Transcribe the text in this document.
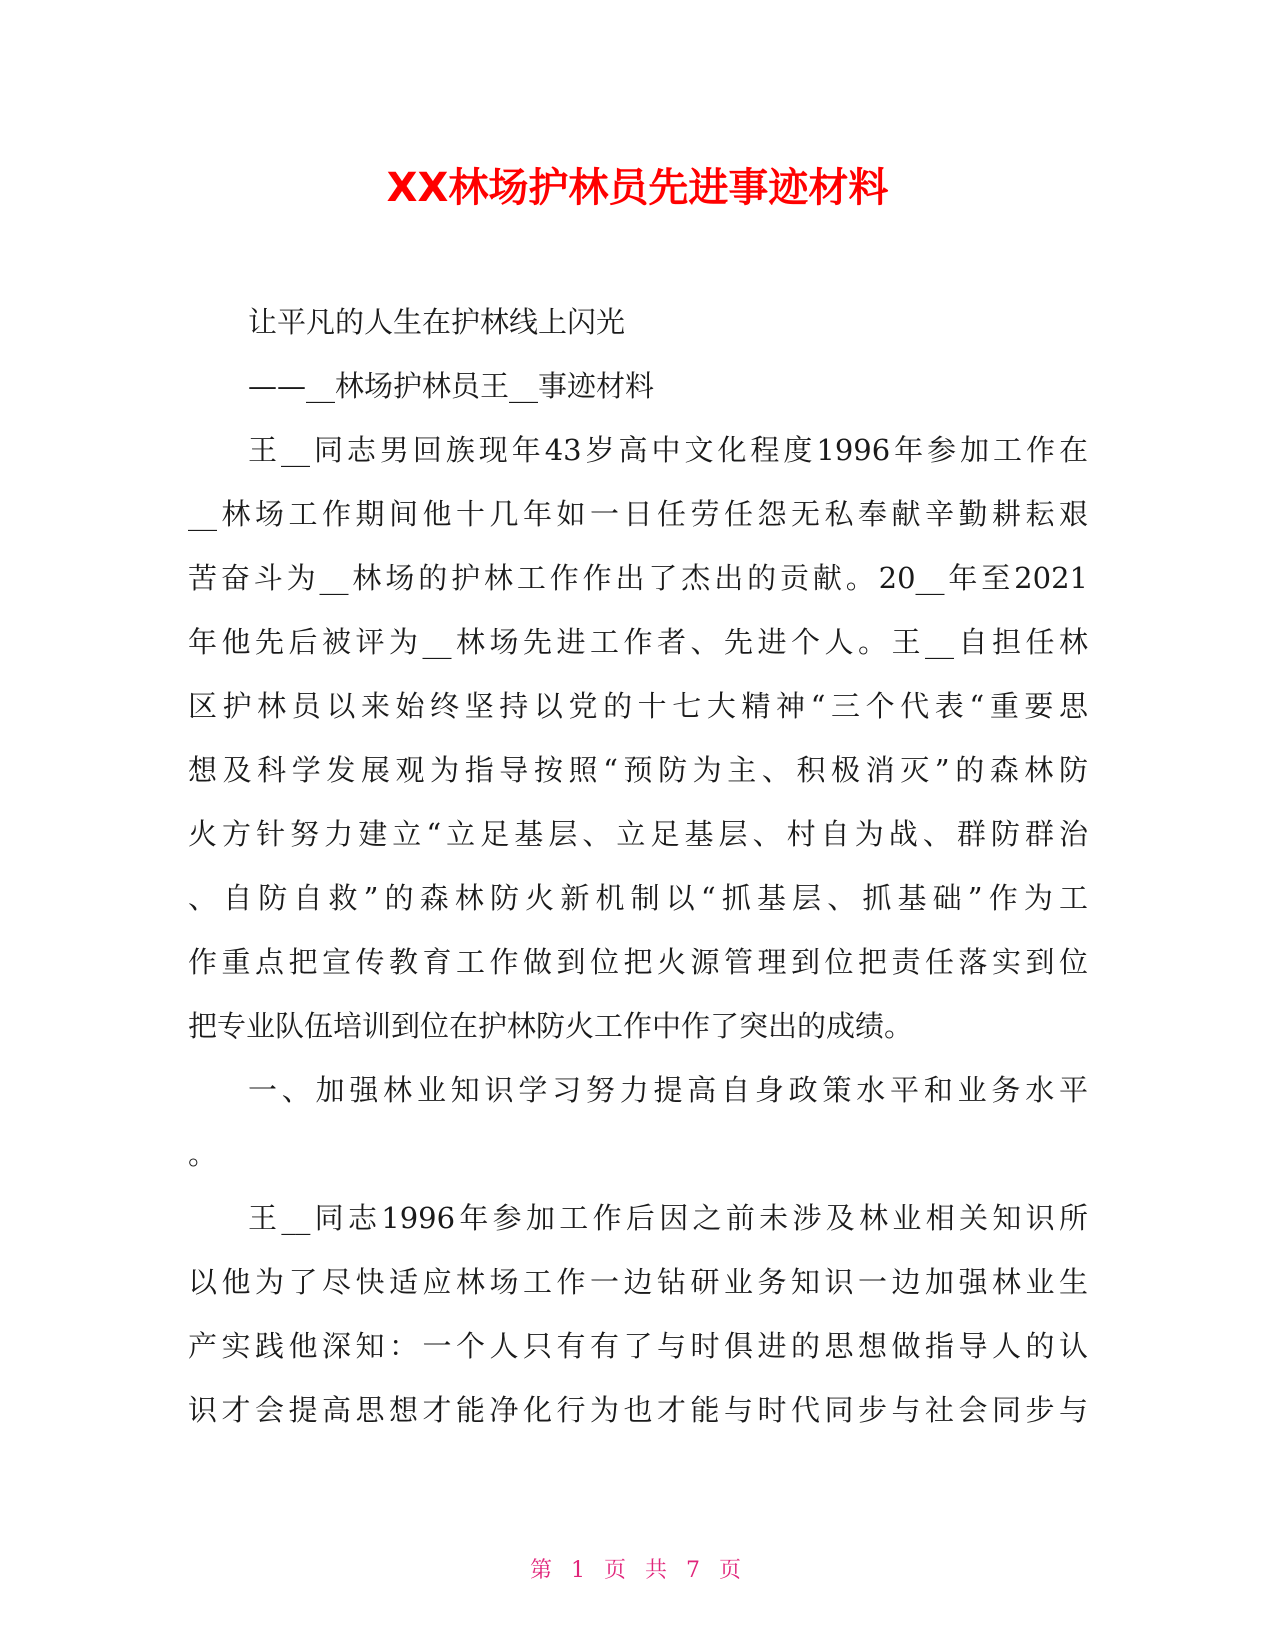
XX林场护林员先进事迹材料
让平凡的人生在护林线上闪光
——__林场护林员王__事迹材料
王__同志男回族现年43岁高中文化程度1996年参加工作在
__林场工作期间他十几年如一日任劳任怨无私奉献辛勤耕耘艰
苦奋斗为__林场的护林工作作出了杰出的贡献。20__年至2021
年他先后被评为__林场先进工作者、先进个人。王__自担任林
区护林员以来始终坚持以党的十七大精神“三个代表“重要思
想及科学发展观为指导按照“预防为主、积极消灭”的森林防
火方针努力建立“立足基层、立足基层、村自为战、群防群治
、自防自救”的森林防火新机制以“抓基层、抓基础”作为工
作重点把宣传教育工作做到位把火源管理到位把责任落实到位
把专业队伍培训到位在护林防火工作中作了突出的成绩。
一、加强林业知识学习努力提高自身政策水平和业务水平
。
王__同志1996年参加工作后因之前未涉及林业相关知识所
以他为了尽快适应林场工作一边钻研业务知识一边加强林业生
产实践他深知：一个人只有有了与时俱进的思想做指导人的认
识才会提高思想才能净化行为也才能与时代同步与社会同步与
第 1 页 共 7 页
